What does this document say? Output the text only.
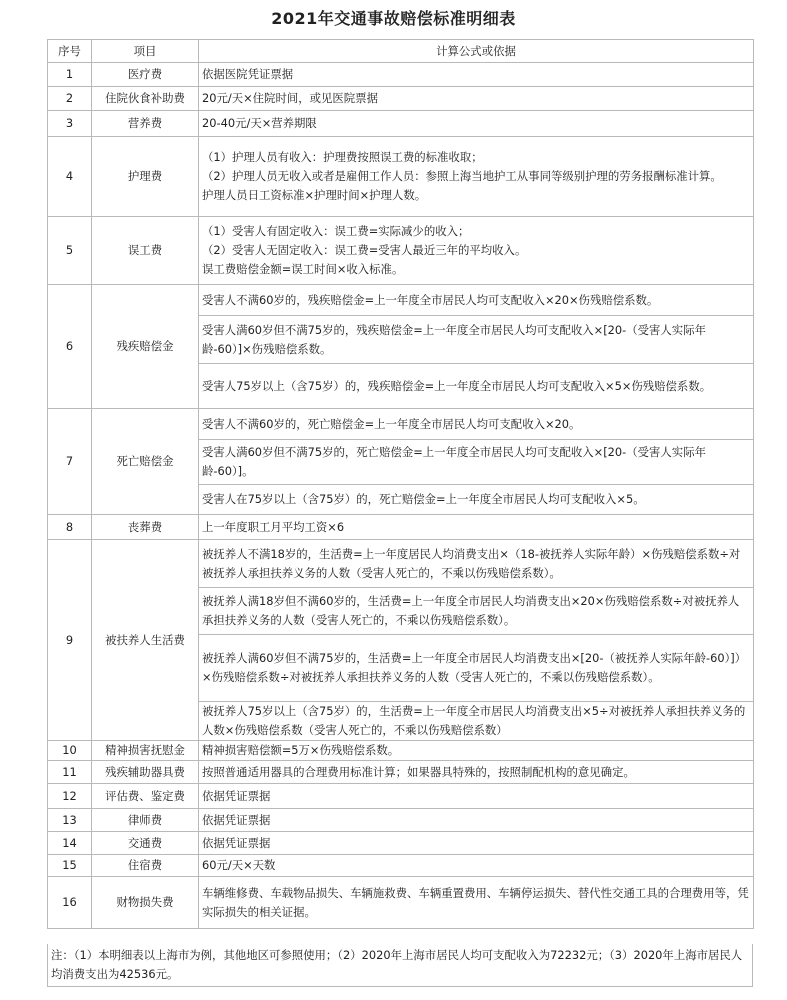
2021年交通事故赔偿标准明细表
序号	项目	计算公式或依据
1	医疗费	依据医院凭证票据

2	住院伙食补助费	20元/天×住院时间，或见医院票据

3	营养费	20-40元/天×营养期限

4	护理费	（1）护理人员有收入：护理费按照误工费的标准收取；
（2）护理人员无收入或者是雇佣工作人员：参照上海当地护工从事同等级别护理的劳务报酬标准计算。
护理人员日工资标准×护理时间×护理人数。

5	误工费	（1）受害人有固定收入：误工费=实际减少的收入；
（2）受害人无固定收入：误工费=受害人最近三年的平均收入。
误工费赔偿金额=误工时间×收入标准。

6	残疾赔偿金	受害人不满60岁的，残疾赔偿金=上一年度全市居民人均可支配收入×20×伤残赔偿系数。
		受害人满60岁但不满75岁的，残疾赔偿金=上一年度全市居民人均可支配收入×[20-（受害人实际年龄-60）]×伤残赔偿系数。
		受害人75岁以上（含75岁）的，残疾赔偿金=上一年度全市居民人均可支配收入×5×伤残赔偿系数。
7	死亡赔偿金	受害人不满60岁的，死亡赔偿金=上一年度全市居民人均可支配收入×20。
		受害人满60岁但不满75岁的，死亡赔偿金=上一年度全市居民人均可支配收入×[20-（受害人实际年龄-60）]。
		受害人在75岁以上（含75岁）的，死亡赔偿金=上一年度全市居民人均可支配收入×5。
8	丧葬费	上一年度职工月平均工资×6

9	被扶养人生活费	被抚养人不满18岁的，生活费=上一年度居民人均消费支出×（18-被抚养人实际年龄）×伤残赔偿系数÷对被抚养人承担扶养义务的人数（受害人死亡的，不乘以伤残赔偿系数）。
		被抚养人满18岁但不满60岁的，生活费=上一年度全市居民人均消费支出×20×伤残赔偿系数÷对被抚养人承担扶养义务的人数（受害人死亡的，不乘以伤残赔偿系数）。
		被抚养人满60岁但不满75岁的，生活费=上一年度全市居民人均消费支出×[20-（被抚养人实际年龄-60）]）×伤残赔偿系数÷对被抚养人承担扶养义务的人数（受害人死亡的，不乘以伤残赔偿系数）。
		被抚养人75岁以上（含75岁）的，生活费=上一年度全市居民人均消费支出×5÷对被抚养人承担扶养义务的人数×伤残赔偿系数（受害人死亡的，不乘以伤残赔偿系数）
10	精神损害抚慰金	精神损害赔偿额=5万×伤残赔偿系数。

11	残疾辅助器具费	按照普通适用器具的合理费用标准计算；如果器具特殊的，按照制配机构的意见确定。

12	评估费、鉴定费	依据凭证票据

13	律师费	依据凭证票据

14	交通费	依据凭证票据

15	住宿费	60元/天×天数

16	财物损失费	车辆维修费、车载物品损失、车辆施救费、车辆重置费用、车辆停运损失、替代性交通工具的合理费用等，凭实际损失的相关证据。
注：（1）本明细表以上海市为例，其他地区可参照使用；（2）2020年上海市居民人均可支配收入为72232元；（3）2020年上海市居民人均消费支出为42536元。
